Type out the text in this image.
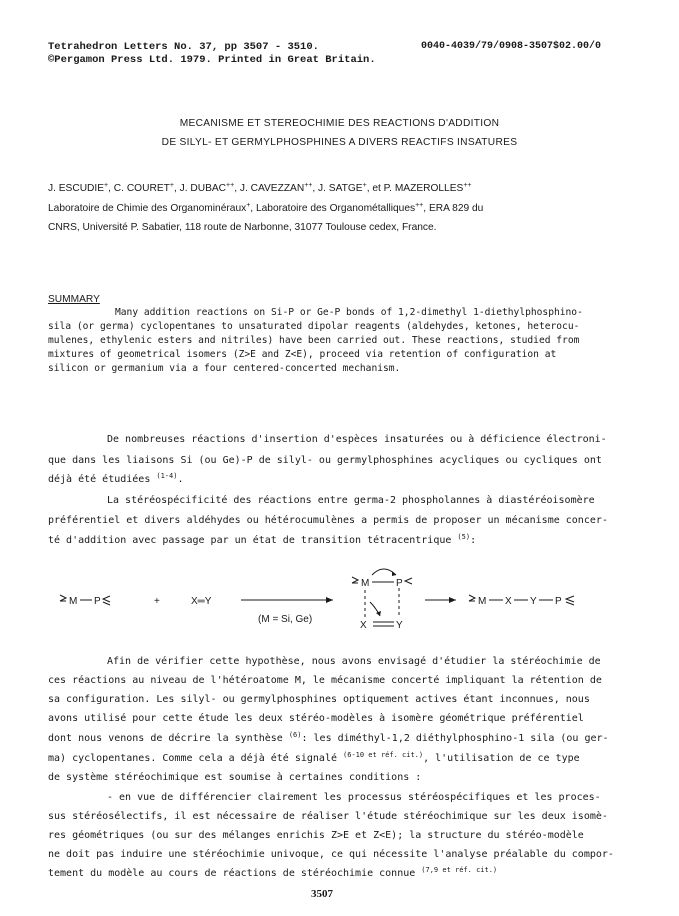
Tetrahedron Letters No. 37, pp 3507 - 3510.
©Pergamon Press Ltd. 1979. Printed in Great Britain.
0040-4039/79/0908-3507$02.00/0
MECANISME ET STEREOCHIMIE DES REACTIONS D'ADDITION
DE SILYL- ET GERMYLPHOSPHINES A DIVERS REACTIFS INSATURES
J. ESCUDIE+, C. COURET+, J. DUBAC++, J. CAVEZZAN++, J. SATGE+, et P. MAZEROLLES++
Laboratoire de Chimie des Organominéraux+, Laboratoire des Organométalliques++, ERA 829 du
CNRS, Université P. Sabatier, 118 route de Narbonne, 31077 Toulouse cedex, France.
SUMMARY
Many addition reactions on Si-P or Ge-P bonds of 1,2-dimethyl 1-diethylphosphino-
sila (or germa) cyclopentanes to unsaturated dipolar reagents (aldehydes, ketones, heterocu-
mulenes, ethylenic esters and nitriles) have been carried out. These reactions, studied from
mixtures of geometrical isomers (Z>E and Z<E), proceed via retention of configuration at
silicon or germanium via a four centered-concerted mechanism.
De nombreuses réactions d'insertion d'espèces insaturées ou à déficience électroni-
que dans les liaisons Si (ou Ge)-P de silyl- ou germylphosphines acycliques ou cycliques ont
déjà été étudiées $^{(1-4)}$.
La stéréospécificité des réactions entre germa-2 phospholannes à diastéréoisomère
préférentiel et divers aldéhydes ou hétérocumulènes a permis de proposer un mécanisme concer-
té d'addition avec passage par un état de transition tétracentrique $^{(5)}$:
M P	+	X═Y
(M = Si, Ge)
M	P
X	Y
M X Y P
Afin de vérifier cette hypothèse, nous avons envisagé d'étudier la stéréochimie de
ces réactions au niveau de l'hétéroatome M, le mécanisme concerté impliquant la rétention de
sa configuration. Les silyl- ou germylphosphines optiquement actives étant inconnues, nous
avons utilisé pour cette étude les deux stéréo-modèles à isomère géométrique préférentiel
dont nous venons de décrire la synthèse $^{(6)}$: les diméthyl-1,2 diéthylphosphino-1 sila (ou ger-
ma) cyclopentanes. Comme cela a déjà été signalé $^{(6-10 et réf. cit.)}$, l'utilisation de ce type
de système stéréochimique est soumise à certaines conditions :
- en vue de différencier clairement les processus stéréospécifiques et les proces-
sus stéréosélectifs, il est nécessaire de réaliser l'étude stéréochimique sur les deux isomè-
res géométriques (ou sur des mélanges enrichis Z>E et Z<E); la structure du stéréo-modèle
ne doit pas induire une stéréochimie univoque, ce qui nécessite l'analyse préalable du compor-
tement du modèle au cours de réactions de stéréochimie connue $^{(7,9 et réf. cit.)}$
3507
